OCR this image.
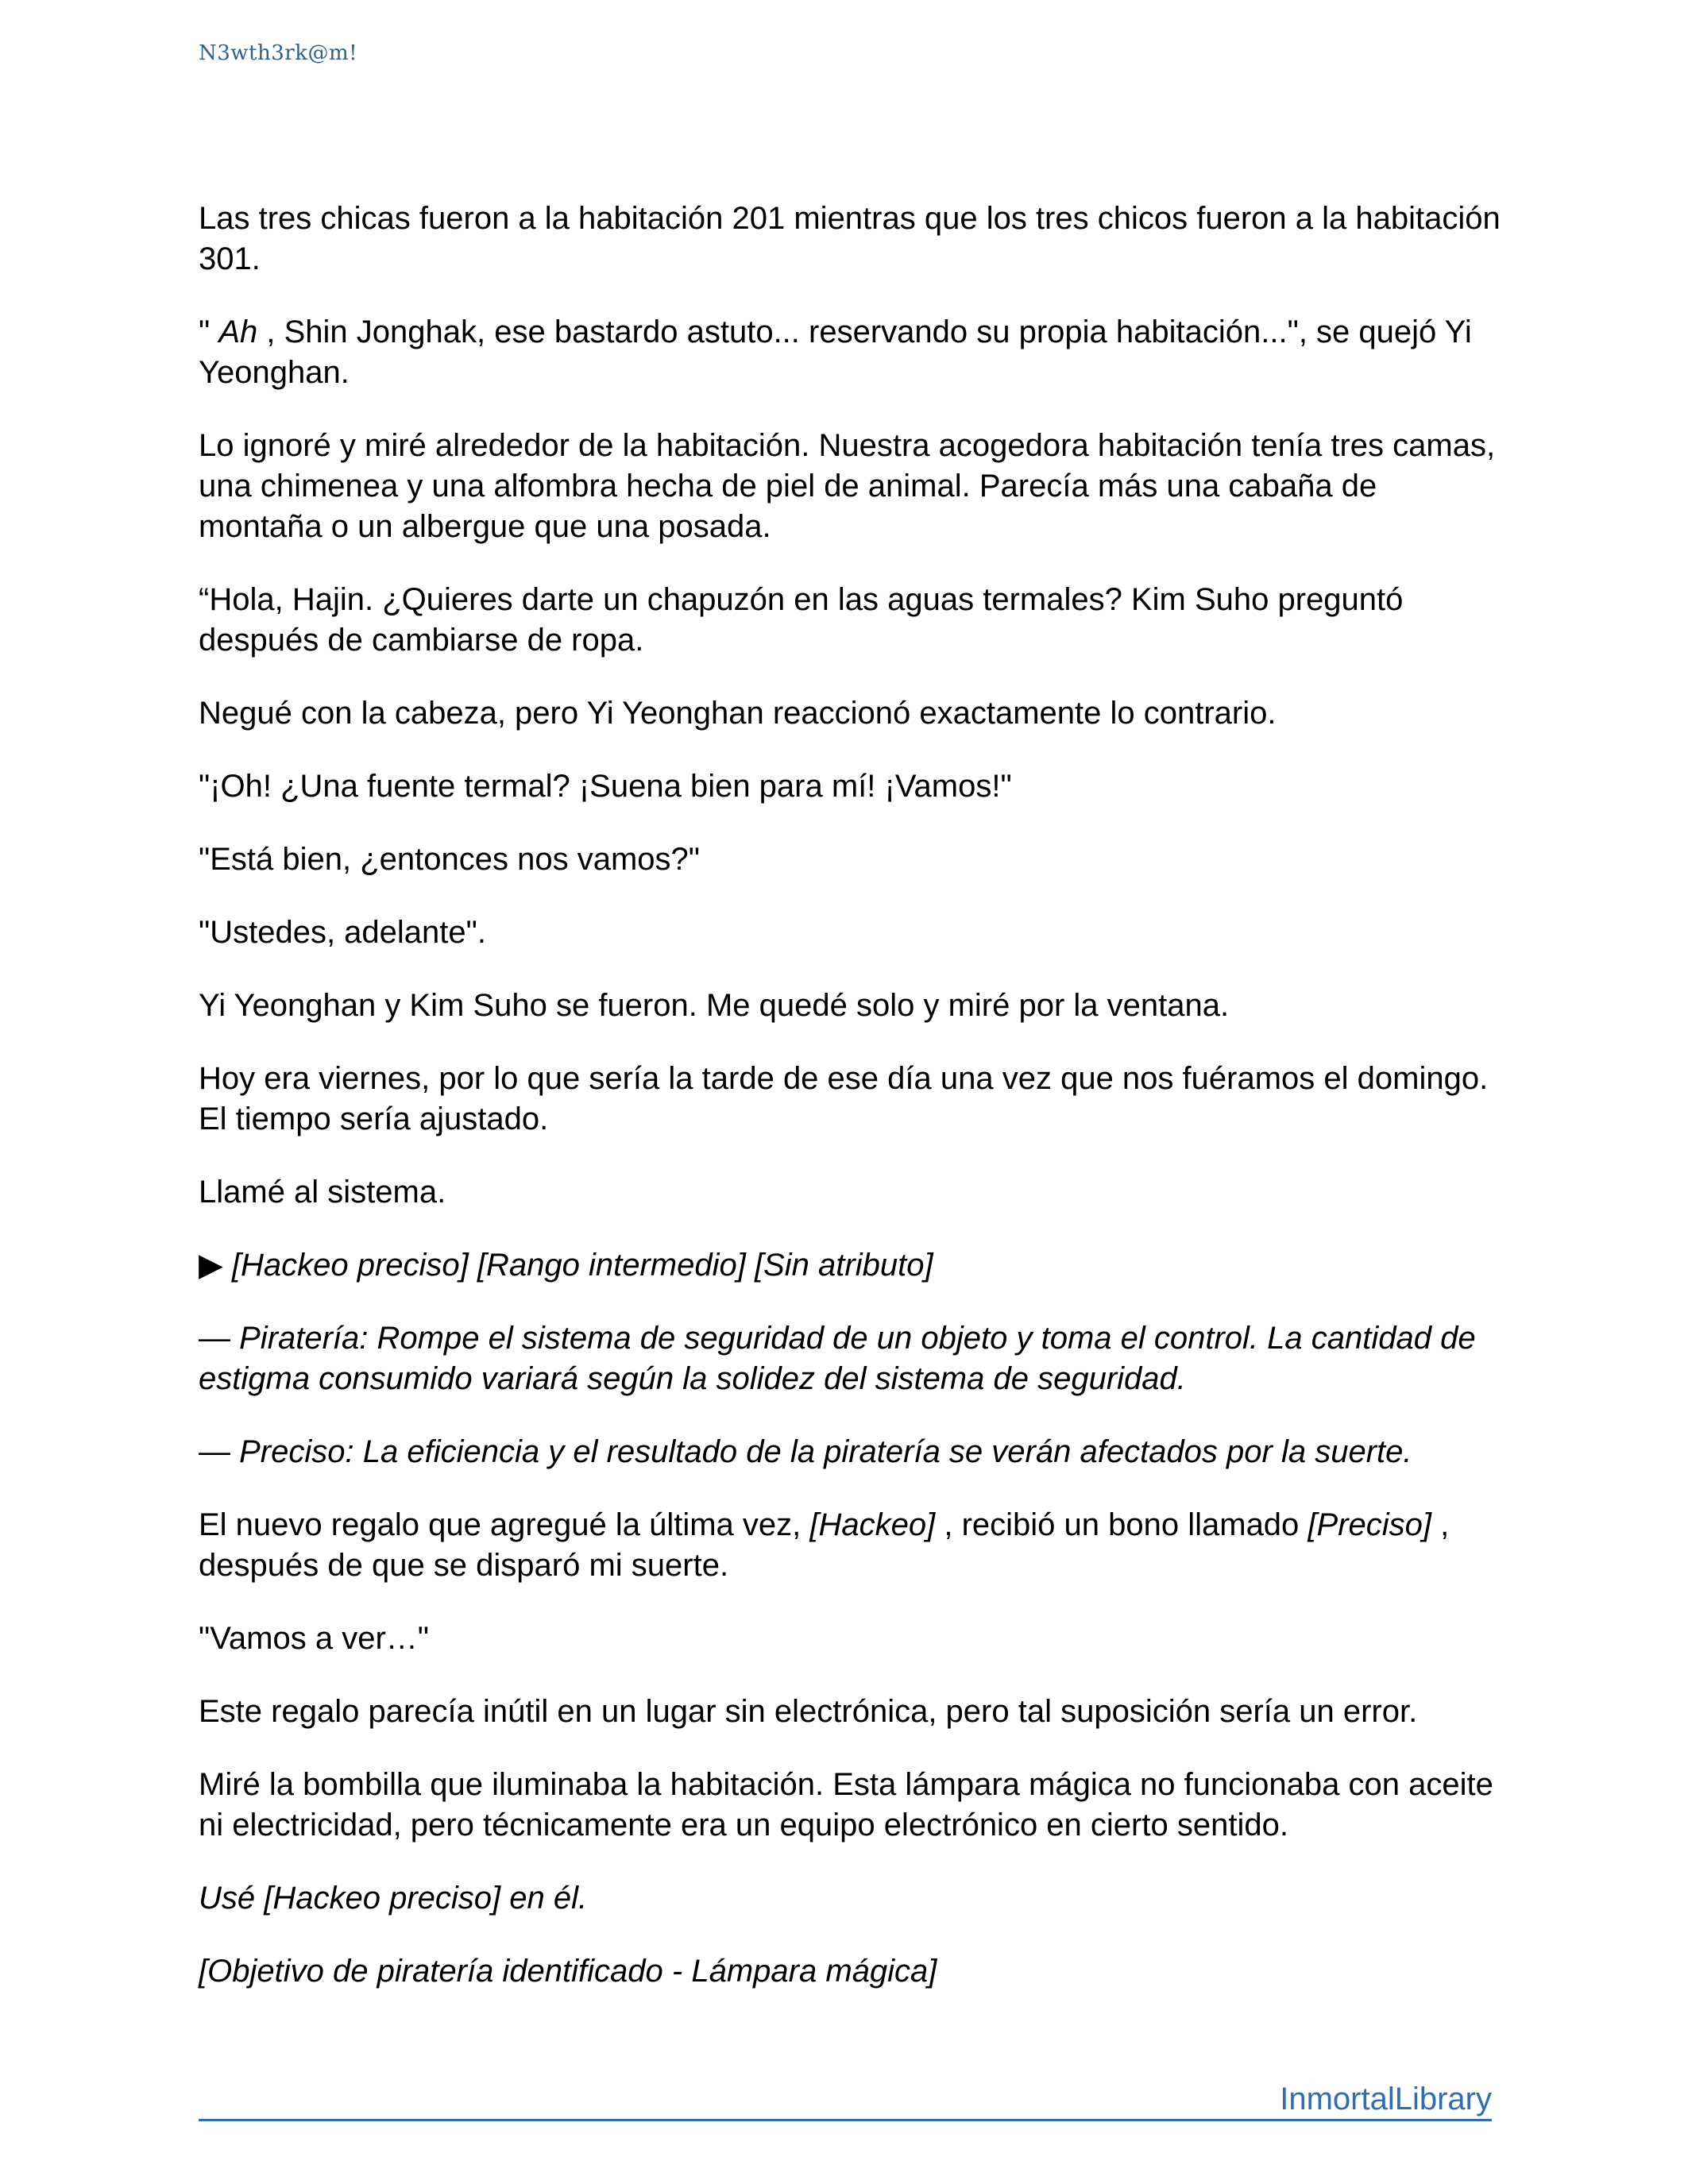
N3wth3rk@m!

Las tres chicas fueron a la habitación 201 mientras que los tres chicos fueron a la habitación 301.

" Ah , Shin Jonghak, ese bastardo astuto... reservando su propia habitación...", se quejó Yi Yeonghan.

Lo ignoré y miré alrededor de la habitación. Nuestra acogedora habitación tenía tres camas, una chimenea y una alfombra hecha de piel de animal. Parecía más una cabaña de montaña o un albergue que una posada.

“Hola, Hajin. ¿Quieres darte un chapuzón en las aguas termales? Kim Suho preguntó después de cambiarse de ropa.

Negué con la cabeza, pero Yi Yeonghan reaccionó exactamente lo contrario.

"¡Oh! ¿Una fuente termal? ¡Suena bien para mí! ¡Vamos!"

"Está bien, ¿entonces nos vamos?"

"Ustedes, adelante".

Yi Yeonghan y Kim Suho se fueron. Me quedé solo y miré por la ventana.

Hoy era viernes, por lo que sería la tarde de ese día una vez que nos fuéramos el domingo. El tiempo sería ajustado.

Llamé al sistema.

▶ [Hackeo preciso] [Rango intermedio] [Sin atributo]

— Piratería: Rompe el sistema de seguridad de un objeto y toma el control. La cantidad de estigma consumido variará según la solidez del sistema de seguridad.

— Preciso: La eficiencia y el resultado de la piratería se verán afectados por la suerte.

El nuevo regalo que agregué la última vez, [Hackeo] , recibió un bono llamado [Preciso] , después de que se disparó mi suerte.

"Vamos a ver…"

Este regalo parecía inútil en un lugar sin electrónica, pero tal suposición sería un error.

Miré la bombilla que iluminaba la habitación. Esta lámpara mágica no funcionaba con aceite ni electricidad, pero técnicamente era un equipo electrónico en cierto sentido.

Usé [Hackeo preciso] en él.

[Objetivo de piratería identificado - Lámpara mágica]

InmortalLibrary
